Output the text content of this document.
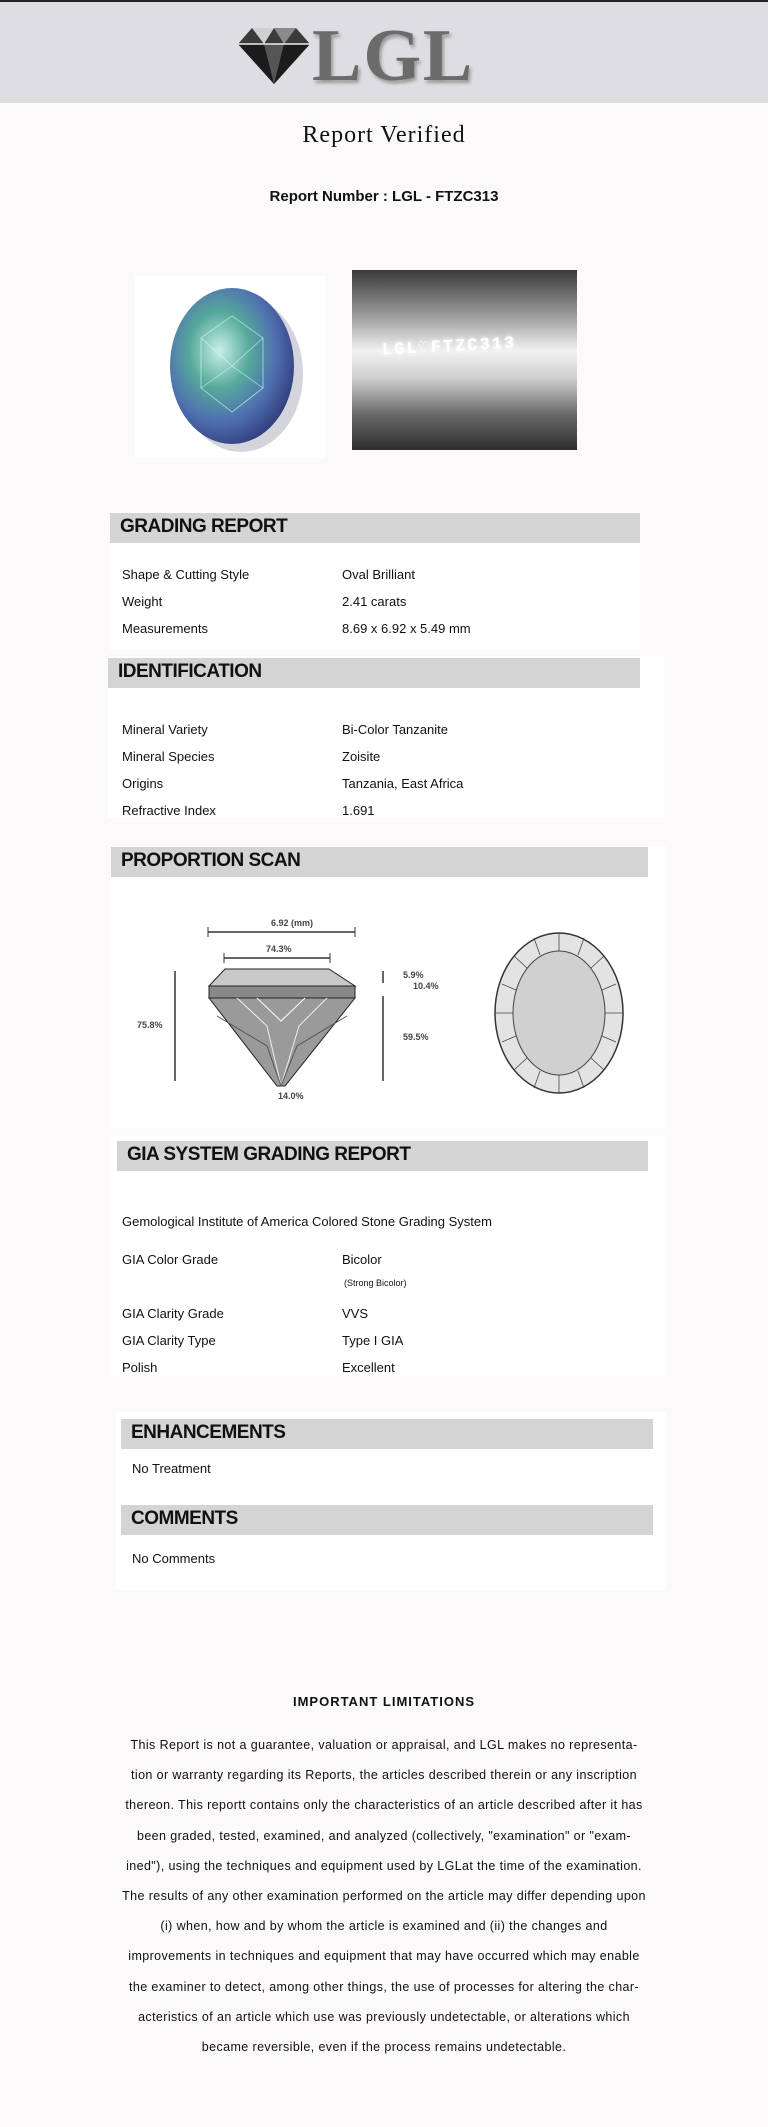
LGL
Report Verified
Report Number : LGL - FTZC313
LGL♡FTZC313
GRADING REPORT
Shape & Cutting Style	Oval Brilliant
Weight	2.41 carats
Measurements	8.69 x 6.92 x 5.49 mm
IDENTIFICATION
Mineral Variety	Bi-Color Tanzanite
Mineral Species	Zoisite
Origins	Tanzania, East Africa
Refractive Index	1.691
PROPORTION SCAN
6.92 (mm)
74.3%
75.8%
5.9%
10.4%
59.5%
14.0%
GIA SYSTEM GRADING REPORT
Gemological Institute of America Colored Stone Grading System
GIA Color Grade	Bicolor
(Strong Bicolor)
GIA Clarity Grade	VVS
GIA Clarity Type	Type I GIA
Polish	Excellent
ENHANCEMENTS
No Treatment
COMMENTS
No Comments
IMPORTANT LIMITATIONS
This Report is not a guarantee, valuation or appraisal, and LGL makes no representa-tion or warranty regarding its Reports, the articles described therein or any inscription thereon. This reportt contains only the characteristics of an article described after it has been graded, tested, examined, and analyzed (collectively, "examination" or "exam-ined"), using the techniques and equipment used by LGLat the time of the examination. The results of any other examination performed on the article may differ depending upon (i) when, how and by whom the article is examined and (ii) the changes and improvements in techniques and equipment that may have occurred which may enable the examiner to detect, among other things, the use of processes for altering the char-acteristics of an article which use was previously undetectable, or alterations which became reversible, even if the process remains undetectable.
